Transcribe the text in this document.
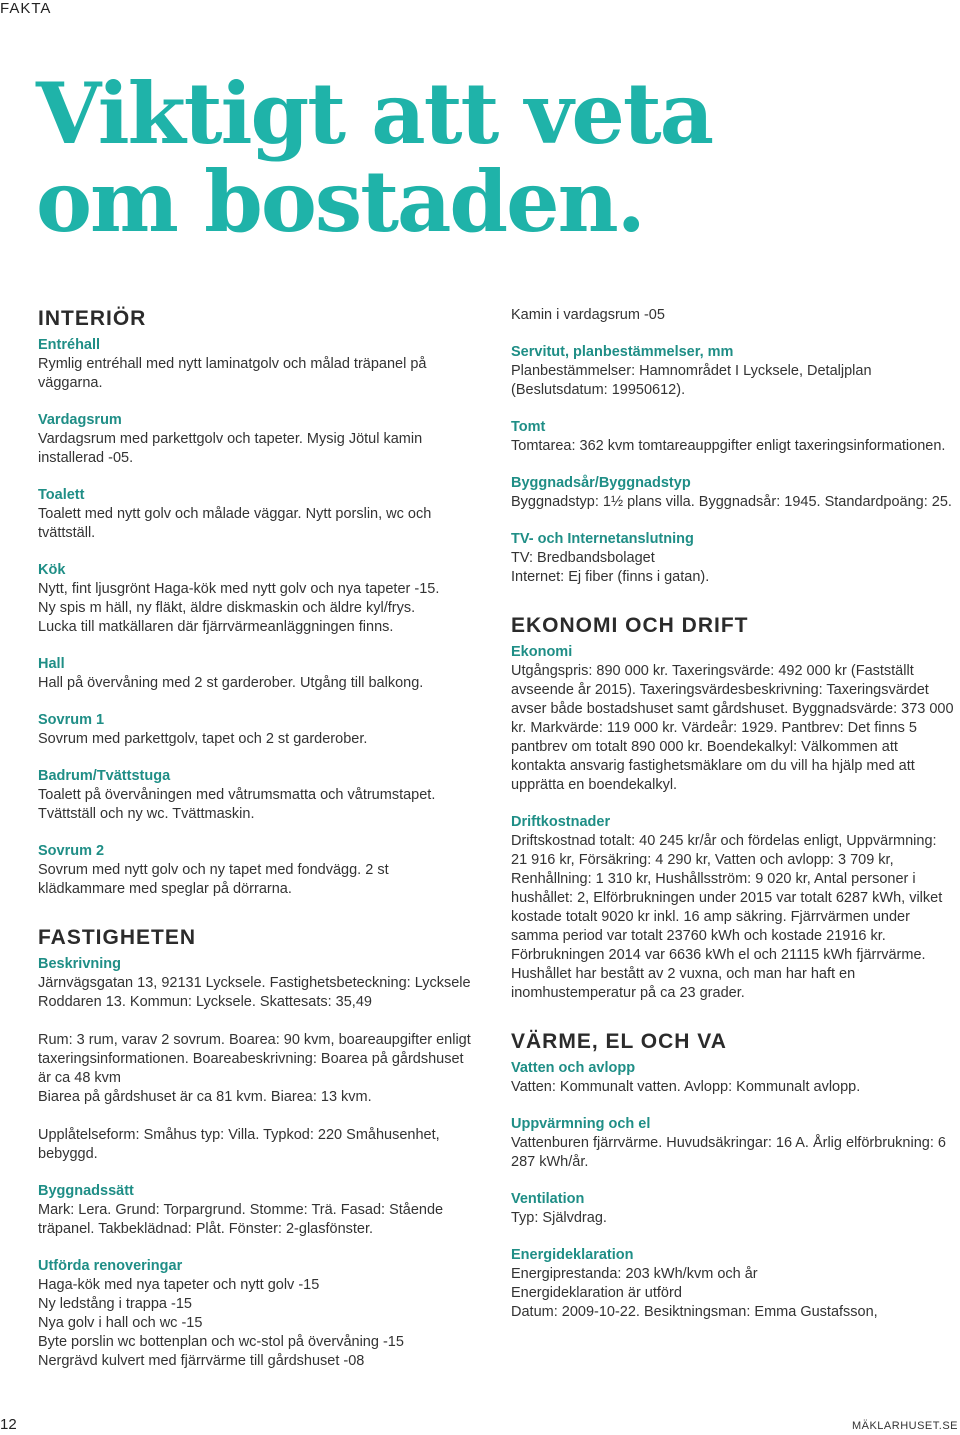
FAKTA
Viktigt att veta
om bostaden.
INTERIÖR
Entréhall

Rymlig entréhall med nytt laminatgolv och målad träpanel på väggarna.

Vardagsrum

Vardagsrum med parkettgolv och tapeter. Mysig Jötul kamin installerad -05.

Toalett

Toalett med nytt golv och målade väggar. Nytt porslin, wc och tvättställ.

Kök

Nytt, fint ljusgrönt Haga-kök med nytt golv och nya tapeter -15.
Ny spis m häll, ny fläkt, äldre diskmaskin och äldre kyl/frys.
Lucka till matkällaren där fjärrvärmeanläggningen finns.

Hall

Hall på övervåning med 2 st garderober. Utgång till balkong.

Sovrum 1

Sovrum med parkettgolv, tapet och 2 st garderober.

Badrum/Tvättstuga

Toalett på övervåningen med våtrumsmatta och våtrumstapet. Tvättställ och ny wc. Tvättmaskin.

Sovrum 2

Sovrum med nytt golv och ny tapet med fondvägg. 2 st klädkammare med speglar på dörrarna.

FASTIGHETEN
Beskrivning

Järnvägsgatan 13, 92131 Lycksele. Fastighetsbeteckning: Lycksele Roddaren 13. Kommun: Lycksele. Skattesats: 35,49

Rum: 3 rum, varav 2 sovrum. Boarea: 90 kvm, boareaupgifter enligt taxeringsinformationen. Boareabeskrivning: Boarea på gårdshuset är ca 48 kvm
Biarea på gårdshuset är ca 81 kvm. Biarea: 13 kvm.

Upplåtelseform: Småhus typ: Villa. Typkod: 220 Småhusenhet, bebyggd.

Byggnadssätt

Mark: Lera. Grund: Torpargrund. Stomme: Trä. Fasad: Stående träpanel. Takbeklädnad: Plåt. Fönster: 2-glasfönster.

Utförda renoveringar

Haga-kök med nya tapeter och nytt golv -15
Ny ledstång i trappa -15
Nya golv i hall och wc -15
Byte porslin wc bottenplan och wc-stol på övervåning -15
Nergrävd kulvert med fjärrvärme till gårdshuset -08

Kamin i vardagsrum -05

Servitut, planbestämmelser, mm

Planbestämmelser: Hamnområdet I Lycksele, Detaljplan (Beslutsdatum: 19950612).

Tomt

Tomtarea: 362 kvm tomtareauppgifter enligt taxeringsinformationen.

Byggnadsår/Byggnadstyp

Byggnadstyp: 1½ plans villa. Byggnadsår: 1945. Standardpoäng: 25.

TV- och Internetanslutning

TV: Bredbandsbolaget
Internet: Ej fiber (finns i gatan).

EKONOMI OCH DRIFT
Ekonomi

Utgångspris: 890 000 kr. Taxeringsvärde: 492 000 kr (Fastställt avseende år 2015). Taxeringsvärdesbeskrivning: Taxeringsvärdet avser både bostadshuset samt gårdshuset. Byggnadsvärde: 373 000 kr. Markvärde: 119 000 kr. Värdeår: 1929. Pantbrev: Det finns 5 pantbrev om totalt 890 000 kr. Boendekalkyl: Välkommen att kontakta ansvarig fastighetsmäklare om du vill ha hjälp med att upprätta en boendekalkyl.

Driftkostnader

Driftskostnad totalt: 40 245 kr/år och fördelas enligt, Uppvärmning: 21 916 kr, Försäkring: 4 290 kr, Vatten och avlopp: 3 709 kr, Renhållning: 1 310 kr, Hushållsström: 9 020 kr, Antal personer i hushållet: 2, Elförbrukningen under 2015 var totalt 6287 kWh, vilket kostade totalt 9020 kr inkl. 16 amp säkring. Fjärrvärmen under samma period var totalt 23760 kWh och kostade 21916 kr. Förbrukningen 2014 var 6636 kWh el och 21115 kWh fjärrvärme. Hushållet har bestått av 2 vuxna, och man har haft en inomhustemperatur på ca 23 grader.

VÄRME, EL OCH VA
Vatten och avlopp

Vatten: Kommunalt vatten. Avlopp: Kommunalt avlopp.

Uppvärmning och el

Vattenburen fjärrvärme. Huvudsäkringar: 16 A. Årlig elförbrukning: 6 287 kWh/år.

Ventilation

Typ: Självdrag.

Energideklaration

Energiprestanda: 203 kWh/kvm och år
Energideklaration är utförd
Datum: 2009-10-22. Besiktningsman: Emma Gustafsson,

12	MÄKLARHUSET.SE
